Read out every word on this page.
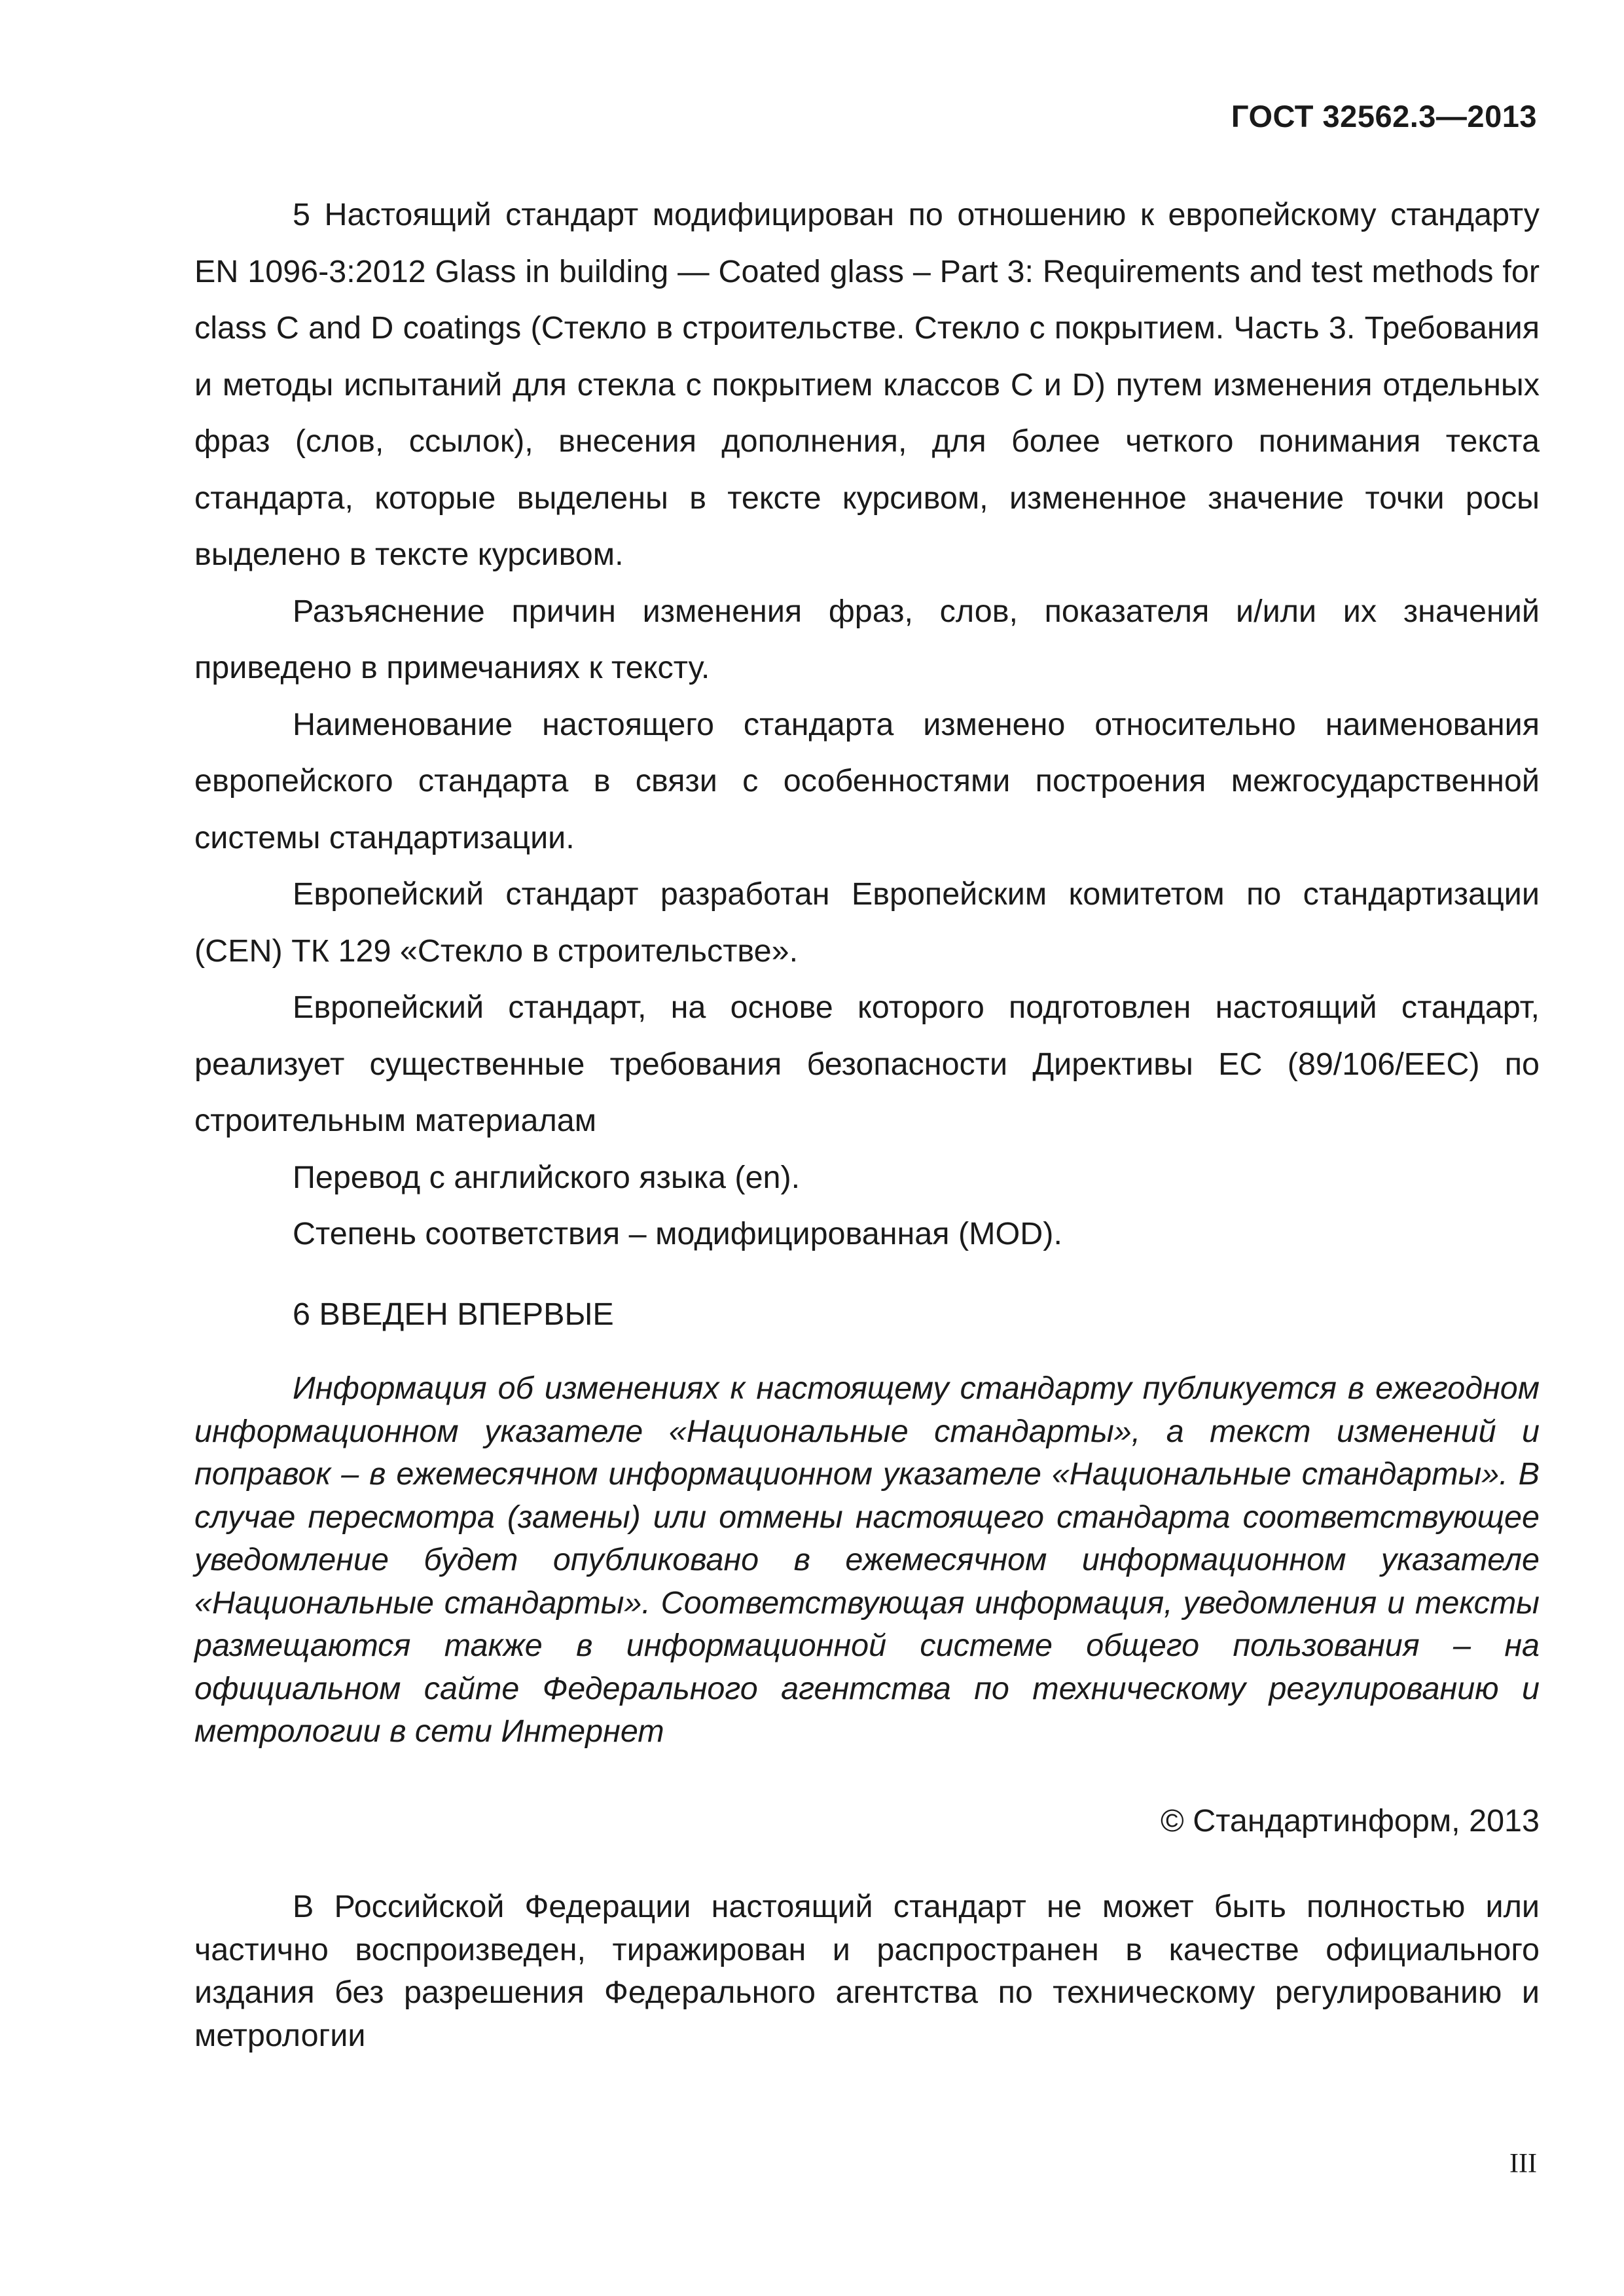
ГОСТ 32562.3—2013

5 Настоящий стандарт модифицирован по отношению к европейскому стандарту EN 1096-3:2012 Glass in building — Coated glass – Part 3: Requirements and test methods for class C and D coatings (Стекло в строительстве. Стекло с покрытием. Часть 3. Требования и методы испытаний для стекла с покрытием классов C и D) путем изменения отдельных фраз (слов, ссылок), внесения дополнения, для более четкого понимания текста стандарта, которые выделены в тексте курсивом, измененное значение точки росы выделено в тексте курсивом.

Разъяснение причин изменения фраз, слов, показателя и/или их значений приведено в примечаниях к тексту.

Наименование настоящего стандарта изменено относительно наименования европейского стандарта в связи с особенностями построения межгосударственной системы стандартизации.

Европейский стандарт разработан Европейским комитетом по стандартизации (CEN) ТК 129 «Стекло в строительстве».

Европейский стандарт, на основе которого подготовлен настоящий стандарт, реализует существенные требования безопасности Директивы ЕС (89/106/ЕЕС) по строительным материалам

Перевод с английского языка (en).

Степень соответствия – модифицированная (MOD).

6 ВВЕДЕН ВПЕРВЫЕ

Информация об изменениях к настоящему стандарту публикуется в ежегодном информационном указателе «Национальные стандарты», а текст изменений и поправок – в ежемесячном информационном указателе «Национальные стандарты». В случае пересмотра (замены) или отмены настоящего стандарта соответствующее уведомление будет опубликовано в ежемесячном информационном указателе «Национальные стандарты». Соответствующая информация, уведомления и тексты размещаются также в информационной системе общего пользования – на официальном сайте Федерального агентства по техническому регулированию и метрологии в сети Интернет

© Стандартинформ, 2013

В Российской Федерации настоящий стандарт не может быть полностью или частично воспроизведен, тиражирован и распространен в качестве официального издания без разрешения Федерального агентства по техническому регулированию и метрологии

III
